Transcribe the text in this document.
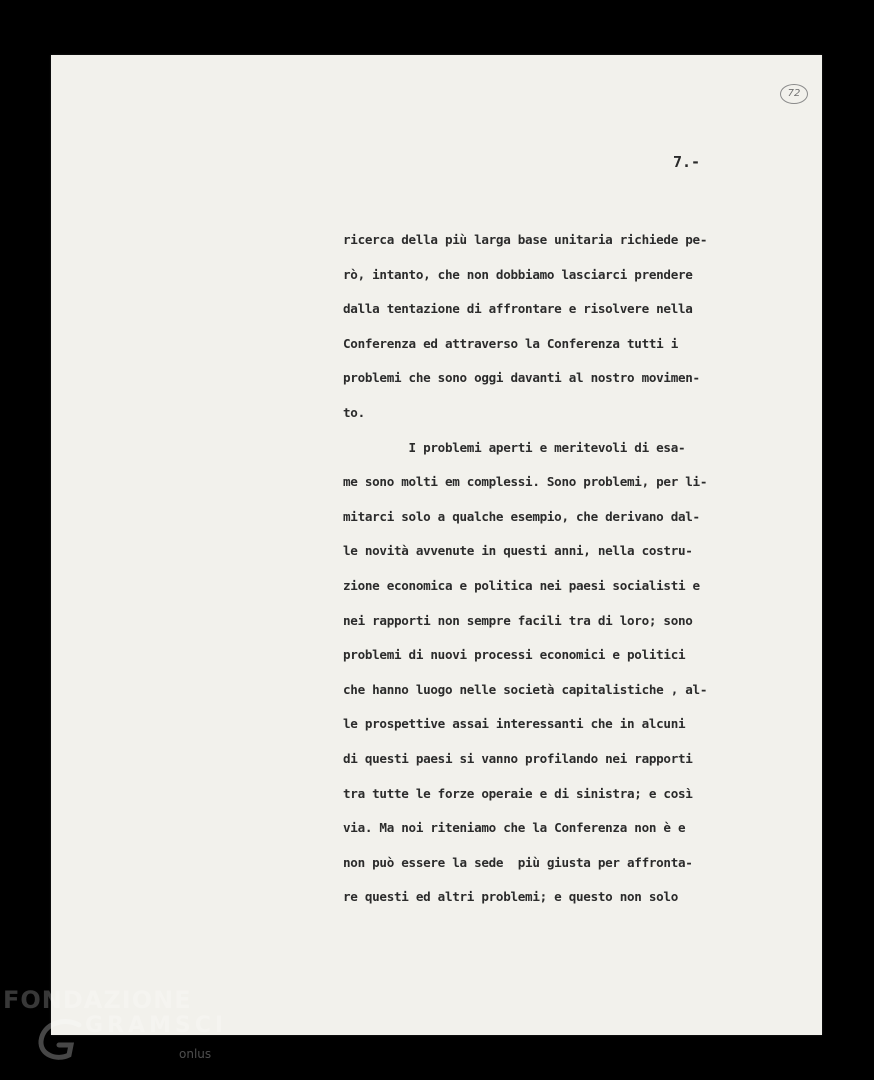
72
7.-
ricerca della più larga base unitaria richiede pe-
rò, intanto, che non dobbiamo lasciarci prendere
dalla tentazione di affrontare e risolvere nella
Conferenza ed attraverso la Conferenza tutti i
problemi che sono oggi davanti al nostro movimen-
to.
I problemi aperti e meritevoli di esa-
me sono molti em complessi. Sono problemi, per li-
mitarci solo a qualche esempio, che derivano dal-
le novità avvenute in questi anni, nella costru-
zione economica e politica nei paesi socialisti e
nei rapporti non sempre facili tra di loro; sono
problemi di nuovi processi economici e politici
che hanno luogo nelle società capitalistiche , al-
le prospettive assai interessanti che in alcuni
di questi paesi si vanno profilando nei rapporti
tra tutte le forze operaie e di sinistra; e così
via. Ma noi riteniamo che la Conferenza non è e
non può essere la sede  più giusta per affronta-
re questi ed altri problemi; e questo non solo
FONDAZIONE
GRAMSCI
onlus
